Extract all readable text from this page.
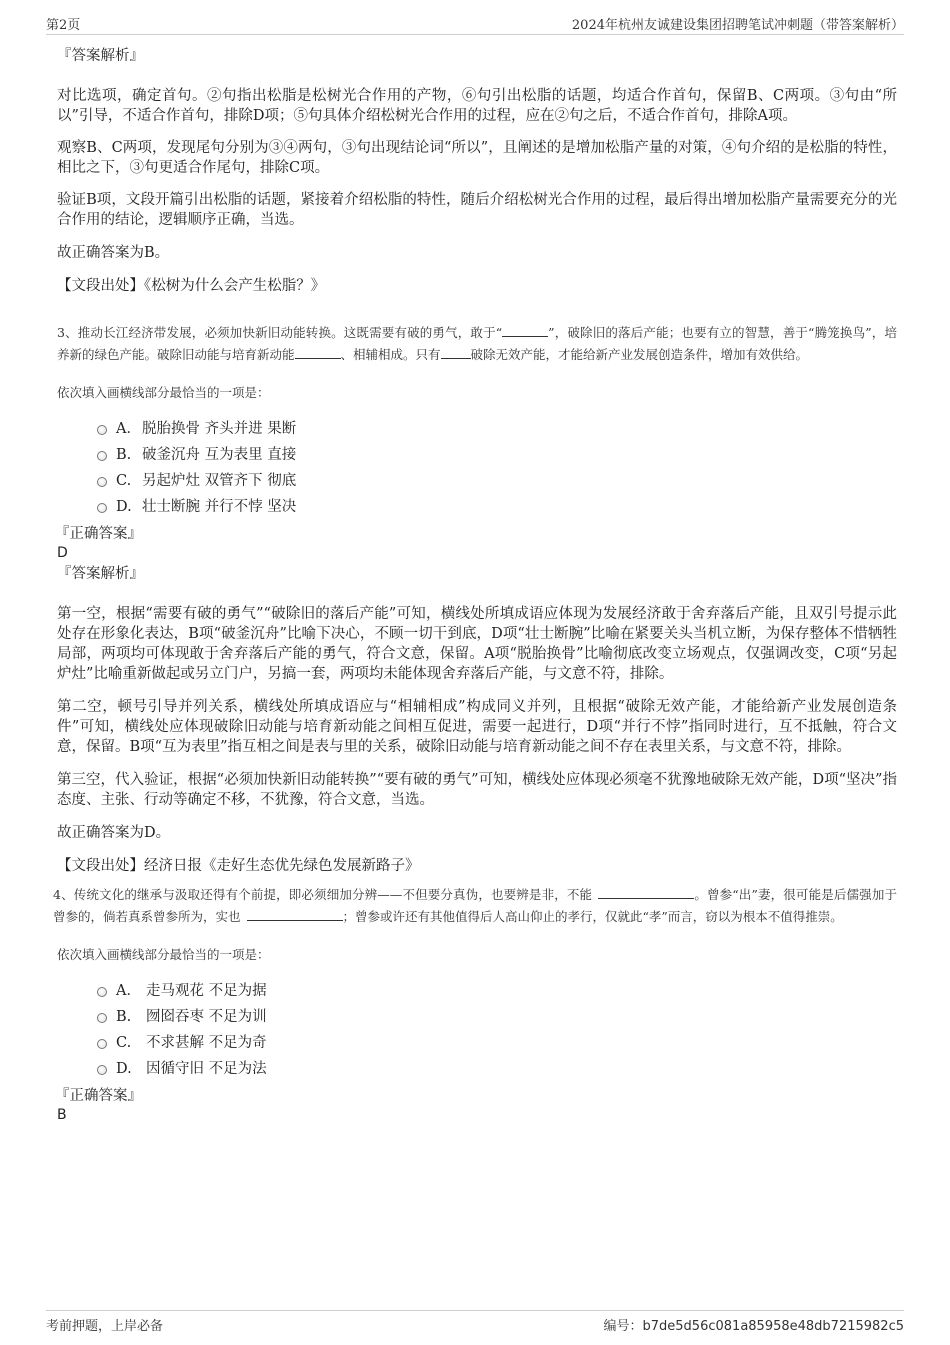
第2页	2024年杭州友诚建设集团招聘笔试冲刺题（带答案解析）
『答案解析』

对比选项，确定首句。②句指出松脂是松树光合作用的产物，⑥句引出松脂的话题，均适合作首句，保留B、C两项。③句由“所以”引导，不适合作首句，排除D项；⑤句具体介绍松树光合作用的过程，应在②句之后，不适合作首句，排除A项。

观察B、C两项，发现尾句分别为③④两句，③句出现结论词“所以”，且阐述的是增加松脂产量的对策，④句介绍的是松脂的特性，相比之下，③句更适合作尾句，排除C项。

验证B项，文段开篇引出松脂的话题，紧接着介绍松脂的特性，随后介绍松树光合作用的过程，最后得出增加松脂产量需要充分的光合作用的结论，逻辑顺序正确，当选。

故正确答案为B。

【文段出处】《松树为什么会产生松脂？》

3、推动长江经济带发展，必须加快新旧动能转换。这既需要有破的勇气，敢于“	”，破除旧的落后产能；也要有立的智慧，善于“腾笼换鸟”，培养新的绿色产能。破除旧动能与培育新动能	、相辅相成。只有 破除无效产能，才能给新产业发展创造条件，增加有效供给。

依次填入画横线部分最恰当的一项是：

A．脱胎换骨 齐头并进 果断
B. 破釜沉舟 互为表里 直接
C. 另起炉灶 双管齐下 彻底
D. 壮士断腕 并行不悖 坚决
『正确答案』
D
『答案解析』

第一空，根据“需要有破的勇气”“破除旧的落后产能”可知，横线处所填成语应体现为发展经济敢于舍弃落后产能，且双引号提示此处存在形象化表达，B项“破釜沉舟”比喻下决心，不顾一切干到底，D项“壮士断腕”比喻在紧要关头当机立断，为保存整体不惜牺牲局部，两项均可体现敢于舍弃落后产能的勇气，符合文意，保留。A项“脱胎换骨”比喻彻底改变立场观点，仅强调改变，C项“另起炉灶”比喻重新做起或另立门户，另搞一套，两项均未能体现舍弃落后产能，与文意不符，排除。

第二空，顿号引导并列关系，横线处所填成语应与“相辅相成”构成同义并列，且根据“破除无效产能，才能给新产业发展创造条件”可知，横线处应体现破除旧动能与培育新动能之间相互促进，需要一起进行，D项“并行不悖”指同时进行，互不抵触，符合文意，保留。B项“互为表里”指互相之间是表与里的关系，破除旧动能与培育新动能之间不存在表里关系，与文意不符，排除。

第三空，代入验证，根据“必须加快新旧动能转换”“要有破的勇气”可知，横线处应体现必须毫不犹豫地破除无效产能，D项“坚决”指态度、主张、行动等确定不移，不犹豫，符合文意，当选。

故正确答案为D。

【文段出处】经济日报《走好生态优先绿色发展新路子》

4、传统文化的继承与汲取还得有个前提，即必须细加分辨——不但要分真伪，也要辨是非，不能	。曾参“出”妻，很可能是后儒强加于曾参的，倘若真系曾参所为，实也	；曾参或许还有其他值得后人高山仰止的孝行，仅就此“孝”而言，窃以为根本不值得推崇。

依次填入画横线部分最恰当的一项是：

A． 走马观花 不足为据
B. 囫囵吞枣 不足为训
C. 不求甚解 不足为奇
D. 因循守旧 不足为法
『正确答案』
B
考前押题，上岸必备	编号：b7de5d56c081a85958e48db7215982c5
